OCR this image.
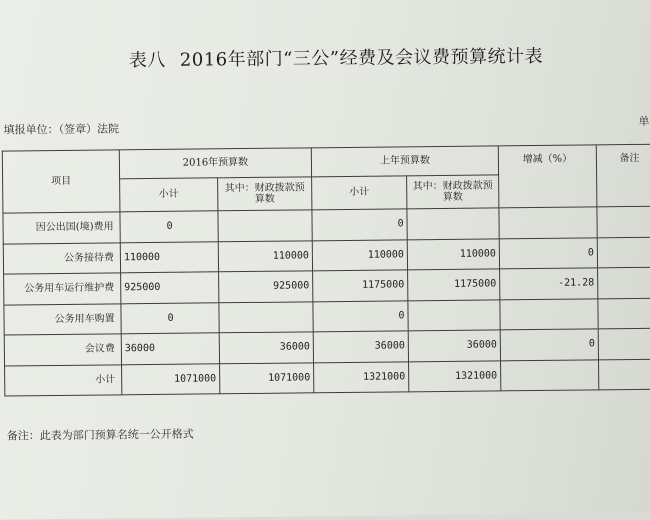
表八 2016年部门“三公”经费及会议费预算统计表
填报单位：（签章）法院
单
项目	2016年预算数		上年预算数		增减（%）	备注
	小计	其中：财政拨款预算数	小计	其中：财政拨款预算数		
因公出国(境)费用	0		0			
公务接待费	110000	110000	110000	110000	0	
公务用车运行维护费	925000	925000	1175000	1175000	-21.28	
公务用车购置	0		0			
会议费	36000	36000	36000	36000	0	
小计	1071000	1071000	1321000	1321000		
备注：此表为部门预算名统一公开格式
